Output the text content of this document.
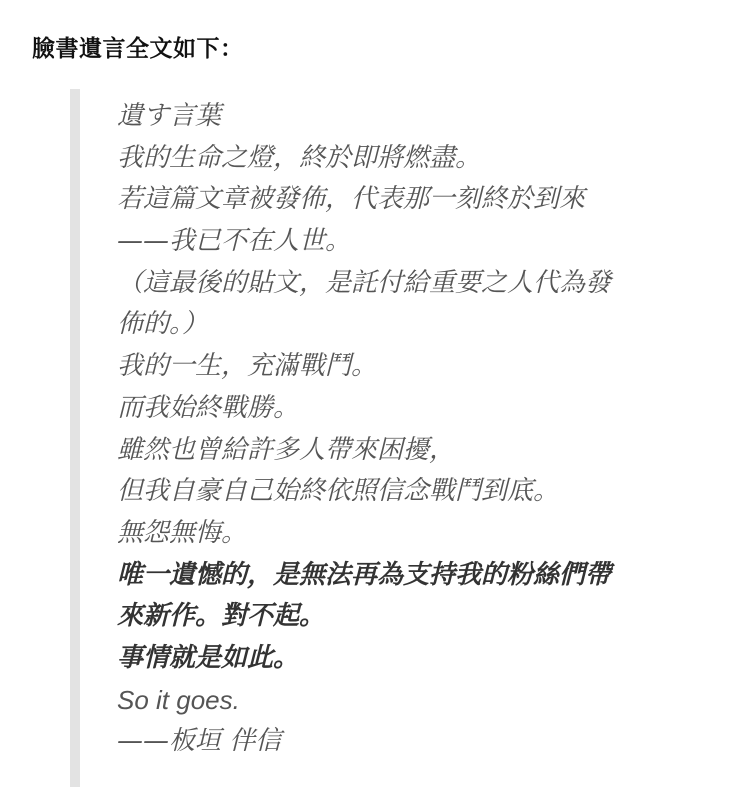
臉書遺言全文如下：
遺す言葉
我的生命之燈，終於即將燃盡。
若這篇文章被發佈，代表那一刻終於到來
——我已不在人世。
（這最後的貼文，是託付給重要之人代為發
佈的。）
我的一生，充滿戰鬥。
而我始終戰勝。
雖然也曾給許多人帶來困擾，
但我自豪自己始終依照信念戰鬥到底。
無怨無悔。
唯一遺憾的，是無法再為支持我的粉絲們帶
來新作。對不起。
事情就是如此。
So it goes.
——板垣 伴信
